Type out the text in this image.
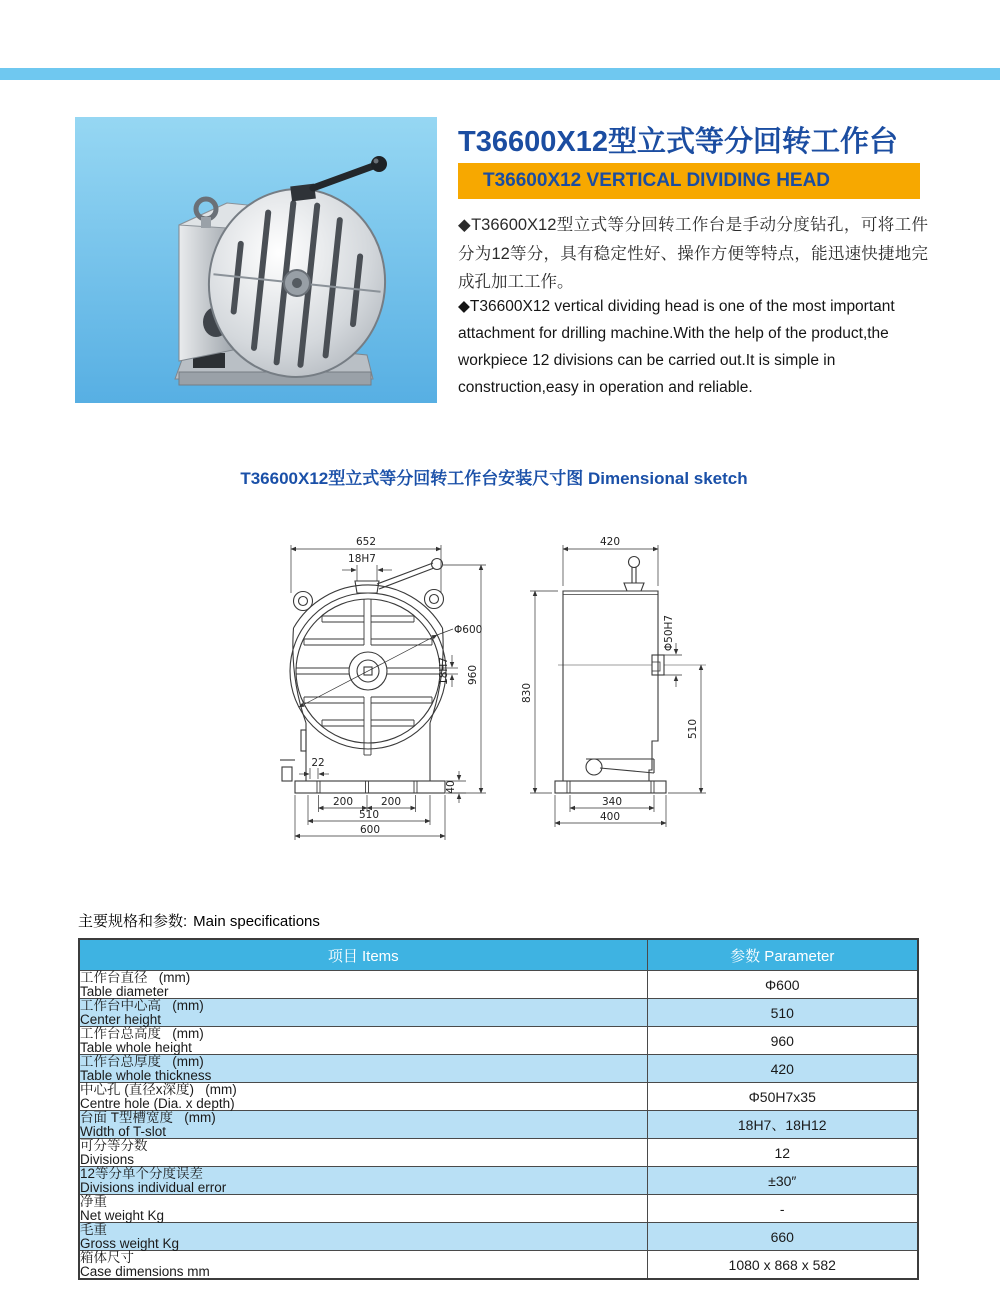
T36600X12型立式等分回转工作台
T36600X12 VERTICAL DIVIDING HEAD
◆T36600X12型立式等分回转工作台是手动分度钻孔，可将工件分为12等分，具有稳定性好、操作方便等特点，能迅速快捷地完成孔加工工作。
◆T36600X12 vertical dividing head is one of the most important attachment for drilling machine.With the help of the product,the workpiece 12 divisions can be carried out.It is simple in construction,easy in operation and reliable.
T36600X12型立式等分回转工作台安装尺寸图 Dimensional sketch
652
18H7
Φ600
18H7 960
22
200	200
510
600
40
420
830
Φ50H7
510
340
400
主要规格和参数: Main specifications
项目 Items	参数 Parameter

工作台直径   (mm)
Table diameter	Φ600

工作台中心高   (mm)
Center height	510

工作台总高度   (mm)
Table whole height	960

工作台总厚度   (mm)
Table whole thickness	420

中心孔 (直径x深度)   (mm)
Centre hole (Dia. x depth)	Φ50H7x35

台面 T型槽宽度   (mm)
Width of T-slot	18H7、18H12

可分等分数
Divisions	12

12等分单个分度误差
Divisions individual error	±30″

净重
Net weight Kg	-

毛重
Gross weight Kg	660

箱体尺寸
Case dimensions mm	1080 x 868 x 582
